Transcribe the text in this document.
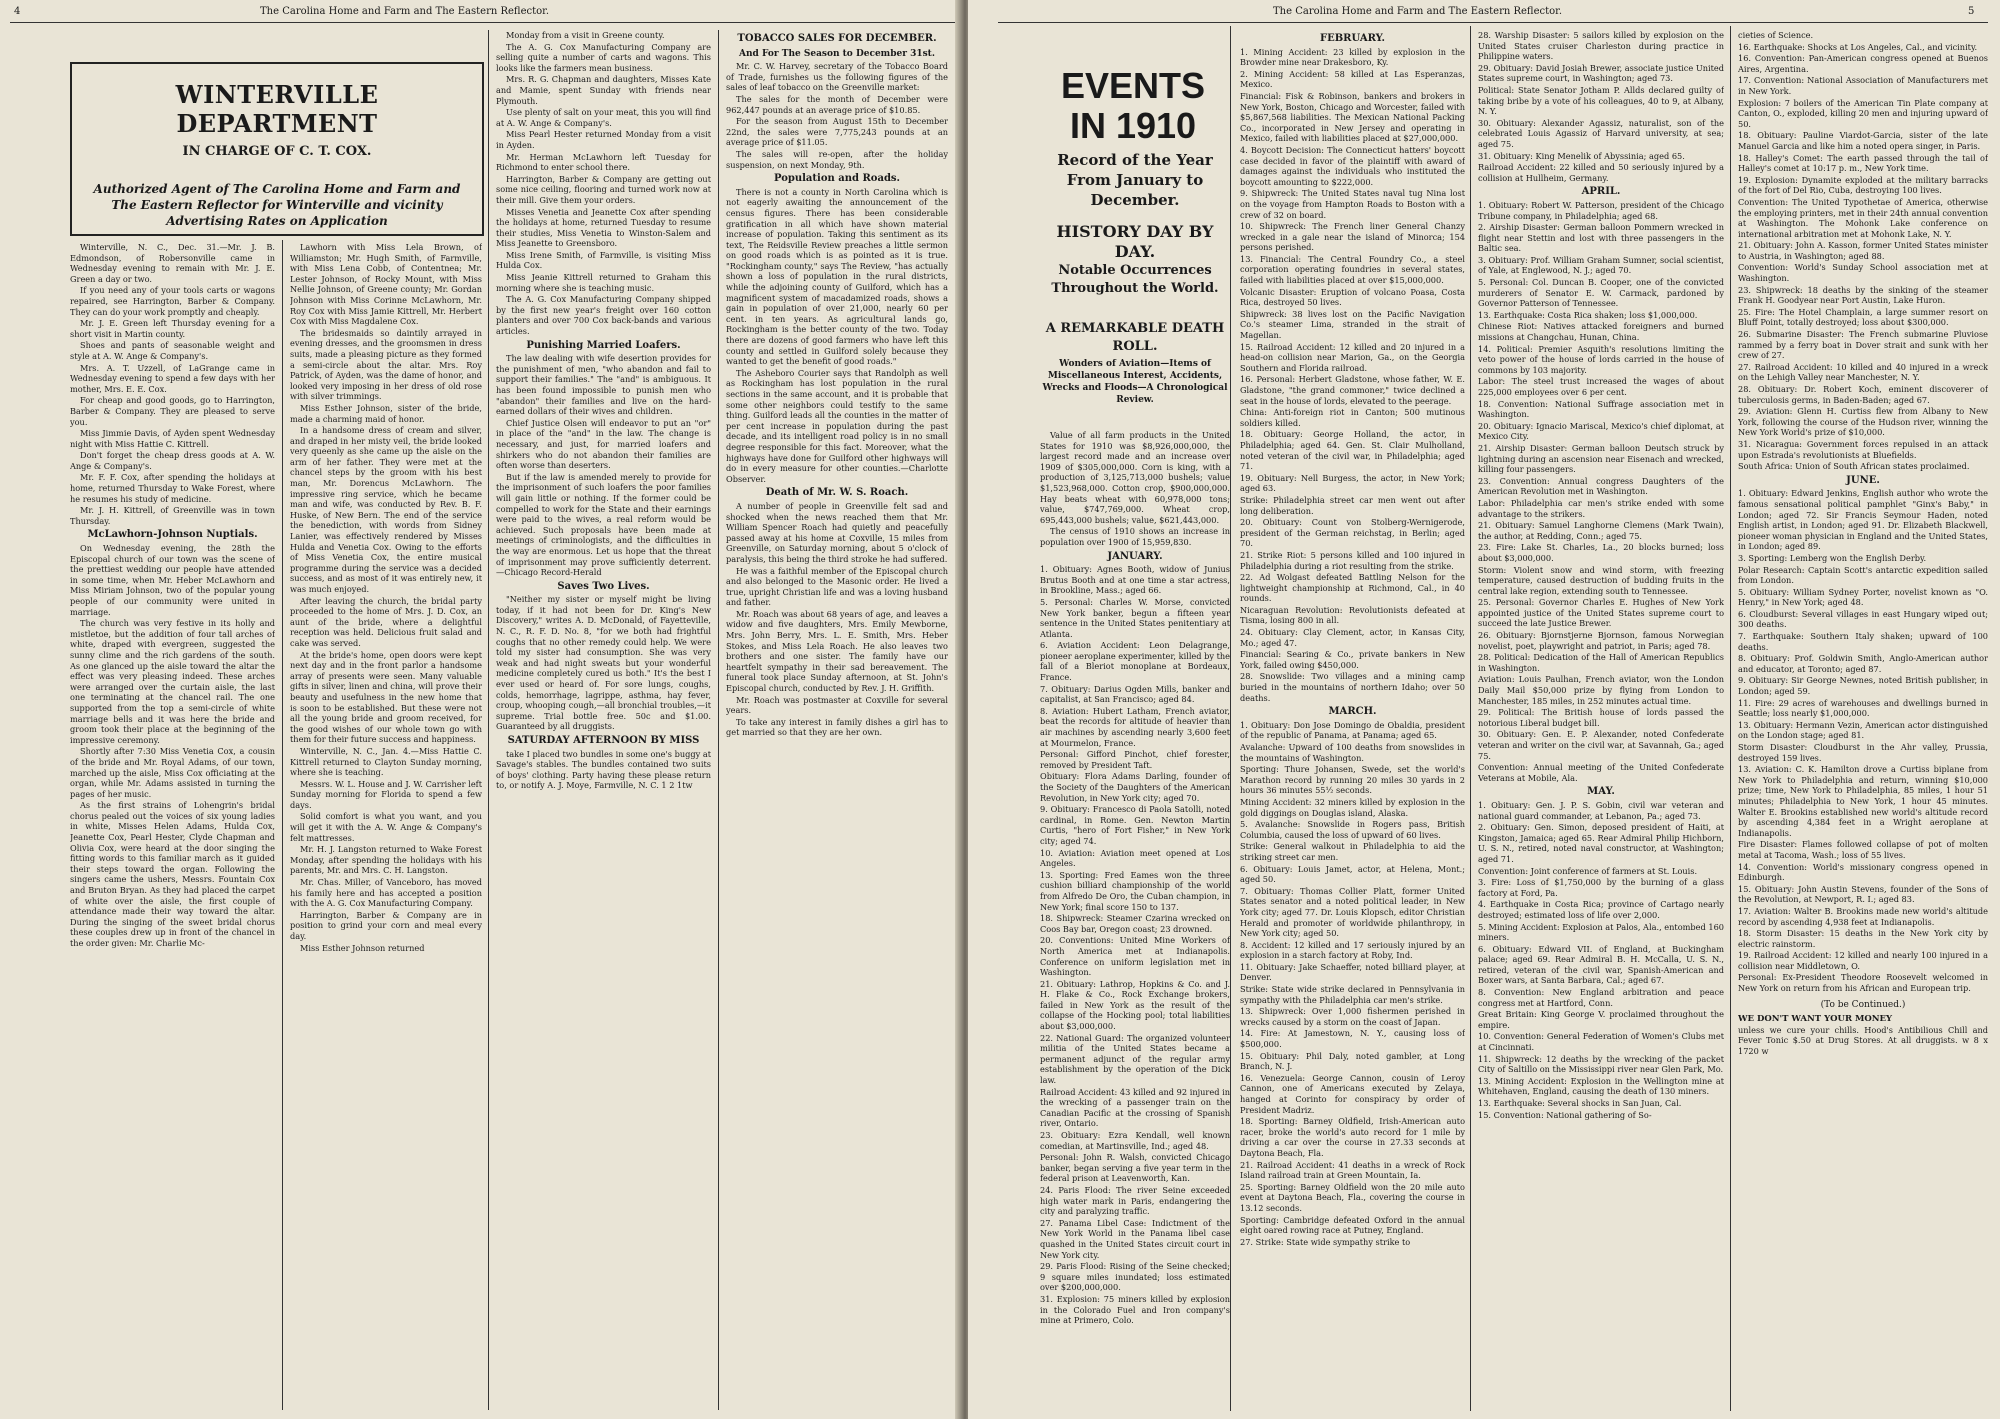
4	The Carolina Home and Farm and The Eastern Reflector.
WINTERVILLE DEPARTMENT
IN CHARGE OF C. T. COX.
Authorized Agent of The Carolina Home and Farm and The Eastern Reflector for Winterville and vicinity Advertising Rates on Application

Winterville, N. C., Dec. 31.—Mr. J. B. Edmondson, of Robersonville came in Wednesday evening to remain with Mr. J. E. Green a day or two.

If you need any of your tools carts or wagons repaired, see Harrington, Barber & Company. They can do your work promptly and cheaply.

Mr. J. E. Green left Thursday evening for a short visit in Martin county.

Shoes and pants of seasonable weight and style at A. W. Ange & Company's.

Mrs. A. T. Uzzell, of LaGrange came in Wednesday evening to spend a few days with her mother, Mrs. E. E. Cox.

For cheap and good goods, go to Harrington, Barber & Company. They are pleased to serve you.

Miss Jimmie Davis, of Ayden spent Wednesday night with Miss Hattie C. Kittrell.

Don't forget the cheap dress goods at A. W. Ange & Company's.

Mr. F. F. Cox, after spending the holidays at home, returned Thursday to Wake Forest, where he resumes his study of medicine.

Mr. J. H. Kittrell, of Greenville was in town Thursday.

McLawhorn-Johnson Nuptials.

On Wednesday evening, the 28th the Episcopal church of our town was the scene of the prettiest wedding our people have attended in some time, when Mr. Heber McLawhorn and Miss Miriam Johnson, two of the popular young people of our community were united in marriage.

The church was very festive in its holly and mistletoe, but the addition of four tall arches of white, draped with evergreen, suggested the sunny clime and the rich gardens of the south. As one glanced up the aisle toward the altar the effect was very pleasing indeed. These arches were arranged over the curtain aisle, the last one terminating at the chancel rail. The one supported from the top a semi-circle of white marriage bells and it was here the bride and groom took their place at the beginning of the impressive ceremony.

Shortly after 7:30 Miss Venetia Cox, a cousin of the bride and Mr. Royal Adams, of our town, marched up the aisle, Miss Cox officiating at the organ, while Mr. Adams assisted in turning the pages of her music.

As the first strains of Lohengrin's bridal chorus pealed out the voices of six young ladies in white, Misses Helen Adams, Hulda Cox, Jeanette Cox, Pearl Hester, Clyde Chapman and Olivia Cox, were heard at the door singing the fitting words to this familiar march as it guided their steps toward the organ. Following the singers came the ushers, Messrs. Fountain Cox and Bruton Bryan. As they had placed the carpet of white over the aisle, the first couple of attendance made their way toward the altar. During the singing of the sweet bridal chorus these couples drew up in front of the chancel in the order given: Mr. Charlie Mc-

Lawhorn with Miss Lela Brown, of Williamston; Mr. Hugh Smith, of Farmville, with Miss Lena Cobb, of Contentnea; Mr. Lester Johnson, of Rocky Mount, with Miss Nellie Johnson, of Greene county; Mr. Gordan Johnson with Miss Corinne McLawhorn, Mr. Roy Cox with Miss Jamie Kittrell, Mr. Herbert Cox with Miss Magdalene Cox.

The bridesmaids so daintily arrayed in evening dresses, and the groomsmen in dress suits, made a pleasing picture as they formed a semi-circle about the altar. Mrs. Roy Patrick, of Ayden, was the dame of honor, and looked very imposing in her dress of old rose with silver trimmings.

Miss Esther Johnson, sister of the bride, made a charming maid of honor.

In a handsome dress of cream and silver, and draped in her misty veil, the bride looked very queenly as she came up the aisle on the arm of her father. They were met at the chancel steps by the groom with his best man, Mr. Dorencus McLawhorn. The impressive ring service, which he became man and wife, was conducted by Rev. B. F. Huske, of New Bern. The end of the service the benediction, with words from Sidney Lanier, was effectively rendered by Misses Hulda and Venetia Cox. Owing to the efforts of Miss Venetia Cox, the entire musical programme during the service was a decided success, and as most of it was entirely new, it was much enjoyed.

After leaving the church, the bridal party proceeded to the home of Mrs. J. D. Cox, an aunt of the bride, where a delightful reception was held. Delicious fruit salad and cake was served.

At the bride's home, open doors were kept next day and in the front parlor a handsome array of presents were seen. Many valuable gifts in silver, linen and china, will prove their beauty and usefulness in the new home that is soon to be established. But these were not all the young bride and groom received, for the good wishes of our whole town go with them for their future success and happiness.

Winterville, N. C., Jan. 4.—Miss Hattie C. Kittrell returned to Clayton Sunday morning, where she is teaching.

Messrs. W. L. House and J. W. Carrisher left Sunday morning for Florida to spend a few days.

Solid comfort is what you want, and you will get it with the A. W. Ange & Company's felt mattresses.

Mr. H. J. Langston returned to Wake Forest Monday, after spending the holidays with his parents, Mr. and Mrs. C. H. Langston.

Mr. Chas. Miller, of Vanceboro, has moved his family here and has accepted a position with the A. G. Cox Manufacturing Company.

Harrington, Barber & Company are in position to grind your corn and meal every day.

Miss Esther Johnson returned

Monday from a visit in Greene county.

The A. G. Cox Manufacturing Company are selling quite a number of carts and wagons. This looks like the farmers mean business.

Mrs. R. G. Chapman and daughters, Misses Kate and Mamie, spent Sunday with friends near Plymouth.

Use plenty of salt on your meat, this you will find at A. W. Ange & Company's.

Miss Pearl Hester returned Monday from a visit in Ayden.

Mr. Herman McLawhorn left Tuesday for Richmond to enter school there.

Harrington, Barber & Company are getting out some nice ceiling, flooring and turned work now at their mill. Give them your orders.

Misses Venetia and Jeanette Cox after spending the holidays at home, returned Tuesday to resume their studies, Miss Venetia to Winston-Salem and Miss Jeanette to Greensboro.

Miss Irene Smith, of Farmville, is visiting Miss Hulda Cox.

Miss Jeanie Kittrell returned to Graham this morning where she is teaching music.

The A. G. Cox Manufacturing Company shipped by the first new year's freight over 160 cotton planters and over 700 Cox back-bands and various articles.

Punishing Married Loafers.

The law dealing with wife desertion provides for the punishment of men, "who abandon and fail to support their families." The "and" is ambiguous. It has been found impossible to punish men who "abandon" their families and live on the hard-earned dollars of their wives and children.

Chief Justice Olsen will endeavor to put an "or" in place of the "and" in the law. The change is necessary, and just, for married loafers and shirkers who do not abandon their families are often worse than deserters.

But if the law is amended merely to provide for the imprisonment of such loafers the poor families will gain little or nothing. If the former could be compelled to work for the State and their earnings were paid to the wives, a real reform would be achieved. Such proposals have been made at meetings of criminologists, and the difficulties in the way are enormous. Let us hope that the threat of imprisonment may prove sufficiently deterrent.—Chicago Record-Herald

Saves Two Lives.

"Neither my sister or myself might be living today, if it had not been for Dr. King's New Discovery," writes A. D. McDonald, of Fayetteville, N. C., R. F. D. No. 8, "for we both had frightful coughs that no other remedy could help. We were told my sister had consumption. She was very weak and had night sweats but your wonderful medicine completely cured us both." It's the best I ever used or heard of. For sore lungs, coughs, colds, hemorrhage, lagrippe, asthma, hay fever, croup, whooping cough,—all bronchial troubles,—it supreme. Trial bottle free. 50c and $1.00. Guaranteed by all druggists.

SATURDAY AFTERNOON BY MISS

take I placed two bundles in some one's buggy at Savage's stables. The bundles contained two suits of boys' clothing. Party having these please return to, or notify A. J. Moye, Farmville, N. C. 1 2 1tw

TOBACCO SALES FOR DECEMBER.
And For The Season to December 31st.

Mr. C. W. Harvey, secretary of the Tobacco Board of Trade, furnishes us the following figures of the sales of leaf tobacco on the Greenville market:

The sales for the month of December were 962,447 pounds at an average price of $10.85.

For the season from August 15th to December 22nd, the sales were 7,775,243 pounds at an average price of $11.05.

The sales will re-open, after the holiday suspension, on next Monday, 9th.

Population and Roads.

There is not a county in North Carolina which is not eagerly awaiting the announcement of the census figures. There has been considerable gratification in all which have shown material increase of population. Taking this sentiment as its text, The Reidsville Review preaches a little sermon on good roads which is as pointed as it is true. "Rockingham county," says The Review, "has actually shown a loss of population in the rural districts, while the adjoining county of Guilford, which has a magnificent system of macadamized roads, shows a gain in population of over 21,000, nearly 60 per cent. in ten years. As agricultural lands go, Rockingham is the better county of the two. Today there are dozens of good farmers who have left this county and settled in Guilford solely because they wanted to get the benefit of good roads."

The Asheboro Courier says that Randolph as well as Rockingham has lost population in the rural sections in the same account, and it is probable that some other neighbors could testify to the same thing. Guilford leads all the counties in the matter of per cent increase in population during the past decade, and its intelligent road policy is in no small degree responsible for this fact. Moreover, what the highways have done for Guilford other highways will do in every measure for other counties.—Charlotte Observer.

Death of Mr. W. S. Roach.

A number of people in Greenville felt sad and shocked when the news reached them that Mr. William Spencer Roach had quietly and peacefully passed away at his home at Coxville, 15 miles from Greenville, on Saturday morning, about 5 o'clock of paralysis, this being the third stroke he had suffered.

He was a faithful member of the Episcopal church and also belonged to the Masonic order. He lived a true, upright Christian life and was a loving husband and father.

Mr. Roach was about 68 years of age, and leaves a widow and five daughters, Mrs. Emily Mewborne, Mrs. John Berry, Mrs. L. E. Smith, Mrs. Heber Stokes, and Miss Lela Roach. He also leaves two brothers and one sister. The family have our heartfelt sympathy in their sad bereavement. The funeral took place Sunday afternoon, at St. John's Episcopal church, conducted by Rev. J. H. Griffith.

Mr. Roach was postmaster at Coxville for several years.

To take any interest in family dishes a girl has to get married so that they are her own.

The Carolina Home and Farm and The Eastern Reflector.	5
EVENTS IN 1910
Record of the Year From January to December.
HISTORY DAY BY DAY.
Notable Occurrences Throughout the World.
A REMARKABLE DEATH ROLL.
Wonders of Aviation—Items of Miscellaneous Interest, Accidents, Wrecks and Floods—A Chronological Review.

Value of all farm products in the United States for 1910 was $8,926,000,000, the largest record made and an increase over 1909 of $305,000,000. Corn is king, with a production of 3,125,713,000 bushels; value $1,523,968,000. Cotton crop, $900,000,000. Hay beats wheat with 60,978,000 tons; value, $747,769,000. Wheat crop, 695,443,000 bushels; value, $621,443,000.

The census of 1910 shows an increase in population over 1900 of 15,959,830.

JANUARY.

1. Obituary: Agnes Booth, widow of Junius Brutus Booth and at one time a star actress, in Brookline, Mass.; aged 66.

5. Personal: Charles W. Morse, convicted New York banker, begun a fifteen year sentence in the United States penitentiary at Atlanta.

6. Aviation Accident: Leon Delagrange, pioneer aeroplane experimenter, killed by the fall of a Bleriot monoplane at Bordeaux, France.

7. Obituary: Darius Ogden Mills, banker and capitalist, at San Francisco; aged 84.

8. Aviation: Hubert Latham, French aviator, beat the records for altitude of heavier than air machines by ascending nearly 3,600 feet at Mourmelon, France.

Personal: Gifford Pinchot, chief forester, removed by President Taft.

Obituary: Flora Adams Darling, founder of the Society of the Daughters of the American Revolution, in New York city; aged 70.

9. Obituary: Francesco di Paola Satolli, noted cardinal, in Rome. Gen. Newton Martin Curtis, "hero of Fort Fisher," in New York city; aged 74.

10. Aviation: Aviation meet opened at Los Angeles.

13. Sporting: Fred Eames won the three cushion billiard championship of the world from Alfredo De Oro, the Cuban champion, in New York; final score 150 to 137.

18. Shipwreck: Steamer Czarina wrecked on Coos Bay bar, Oregon coast; 23 drowned.

20. Conventions: United Mine Workers of North America met at Indianapolis. Conference on uniform legislation met in Washington.

21. Obituary: Lathrop, Hopkins & Co. and J. H. Flake & Co., Rock Exchange brokers, failed in New York as the result of the collapse of the Hocking pool; total liabilities about $3,000,000.

22. National Guard: The organized volunteer militia of the United States became a permanent adjunct of the regular army establishment by the operation of the Dick law.

Railroad Accident: 43 killed and 92 injured in the wrecking of a passenger train on the Canadian Pacific at the crossing of Spanish river, Ontario.

23. Obituary: Ezra Kendall, well known comedian, at Martinsville, Ind.; aged 48.

Personal: John R. Walsh, convicted Chicago banker, began serving a five year term in the federal prison at Leavenworth, Kan.

24. Paris Flood: The river Seine exceeded high water mark in Paris, endangering the city and paralyzing traffic.

27. Panama Libel Case: Indictment of the New York World in the Panama libel case quashed in the United States circuit court in New York city.

29. Paris Flood: Rising of the Seine checked; 9 square miles inundated; loss estimated over $200,000,000.

31. Explosion: 75 miners killed by explosion in the Colorado Fuel and Iron company's mine at Primero, Colo.

FEBRUARY.

1. Mining Accident: 23 killed by explosion in the Browder mine near Drakesboro, Ky.

2. Mining Accident: 58 killed at Las Esperanzas, Mexico.

Financial: Fisk & Robinson, bankers and brokers in New York, Boston, Chicago and Worcester, failed with $5,867,568 liabilities. The Mexican National Packing Co., incorporated in New Jersey and operating in Mexico, failed with liabilities placed at $27,000,000.

4. Boycott Decision: The Connecticut hatters' boycott case decided in favor of the plaintiff with award of damages against the individuals who instituted the boycott amounting to $222,000.

9. Shipwreck: The United States naval tug Nina lost on the voyage from Hampton Roads to Boston with a crew of 32 on board.

10. Shipwreck: The French liner General Chanzy wrecked in a gale near the island of Minorca; 154 persons perished.

13. Financial: The Central Foundry Co., a steel corporation operating foundries in several states, failed with liabilities placed at over $15,000,000.

Volcanic Disaster: Eruption of volcano Poasa, Costa Rica, destroyed 50 lives.

Shipwreck: 38 lives lost on the Pacific Navigation Co.'s steamer Lima, stranded in the strait of Magellan.

15. Railroad Accident: 12 killed and 20 injured in a head-on collision near Marion, Ga., on the Georgia Southern and Florida railroad.

16. Personal: Herbert Gladstone, whose father, W. E. Gladstone, "the grand commoner," twice declined a seat in the house of lords, elevated to the peerage.

China: Anti-foreign riot in Canton; 500 mutinous soldiers killed.

18. Obituary: George Holland, the actor, in Philadelphia; aged 64. Gen. St. Clair Mulholland, noted veteran of the civil war, in Philadelphia; aged 71.

19. Obituary: Nell Burgess, the actor, in New York; aged 63.

Strike: Philadelphia street car men went out after long deliberation.

20. Obituary: Count von Stolberg-Wernigerode, president of the German reichstag, in Berlin; aged 70.

21. Strike Riot: 5 persons killed and 100 injured in Philadelphia during a riot resulting from the strike.

22. Ad Wolgast defeated Battling Nelson for the lightweight championship at Richmond, Cal., in 40 rounds.

Nicaraguan Revolution: Revolutionists defeated at Tisma, losing 800 in all.

24. Obituary: Clay Clement, actor, in Kansas City, Mo.; aged 47.

Financial: Searing & Co., private bankers in New York, failed owing $450,000.

28. Snowslide: Two villages and a mining camp buried in the mountains of northern Idaho; over 50 deaths.

MARCH.

1. Obituary: Don Jose Domingo de Obaldia, president of the republic of Panama, at Panama; aged 65.

Avalanche: Upward of 100 deaths from snowslides in the mountains of Washington.

Sporting: Thure Johansen, Swede, set the world's Marathon record by running 20 miles 30 yards in 2 hours 36 minutes 55½ seconds.

Mining Accident: 32 miners killed by explosion in the gold diggings on Douglas island, Alaska.

5. Avalanche: Snowslide in Rogers pass, British Columbia, caused the loss of upward of 60 lives.

Strike: General walkout in Philadelphia to aid the striking street car men.

6. Obituary: Louis Jamet, actor, at Helena, Mont.; aged 50.

7. Obituary: Thomas Collier Platt, former United States senator and a noted political leader, in New York city; aged 77. Dr. Louis Klopsch, editor Christian Herald and promoter of worldwide philanthropy, in New York city; aged 50.

8. Accident: 12 killed and 17 seriously injured by an explosion in a starch factory at Roby, Ind.

11. Obituary: Jake Schaeffer, noted billiard player, at Denver.

Strike: State wide strike declared in Pennsylvania in sympathy with the Philadelphia car men's strike.

13. Shipwreck: Over 1,000 fishermen perished in wrecks caused by a storm on the coast of Japan.

14. Fire: At Jamestown, N. Y., causing loss of $500,000.

15. Obituary: Phil Daly, noted gambler, at Long Branch, N. J.

16. Venezuela: George Cannon, cousin of Leroy Cannon, one of Americans executed by Zelaya, hanged at Corinto for conspiracy by order of President Madriz.

18. Sporting: Barney Oldfield, Irish-American auto racer, broke the world's auto record for 1 mile by driving a car over the course in 27.33 seconds at Daytona Beach, Fla.

21. Railroad Accident: 41 deaths in a wreck of Rock Island railroad train at Green Mountain, Ia.

25. Sporting: Barney Oldfield won the 20 mile auto event at Daytona Beach, Fla., covering the course in 13.12 seconds.

Sporting: Cambridge defeated Oxford in the annual eight oared rowing race at Putney, England.

27. Strike: State wide sympathy strike to

28. Warship Disaster: 5 sailors killed by explosion on the United States cruiser Charleston during practice in Philippine waters.

29. Obituary: David Josiah Brewer, associate justice United States supreme court, in Washington; aged 73.

Political: State Senator Jotham P. Allds declared guilty of taking bribe by a vote of his colleagues, 40 to 9, at Albany, N. Y.

30. Obituary: Alexander Agassiz, naturalist, son of the celebrated Louis Agassiz of Harvard university, at sea; aged 75.

31. Obituary: King Menelik of Abyssinia; aged 65.

Railroad Accident: 22 killed and 50 seriously injured by a collision at Hullheim, Germany.

APRIL.

1. Obituary: Robert W. Patterson, president of the Chicago Tribune company, in Philadelphia; aged 68.

2. Airship Disaster: German balloon Pommern wrecked in flight near Stettin and lost with three passengers in the Baltic sea.

3. Obituary: Prof. William Graham Sumner, social scientist, of Yale, at Englewood, N. J.; aged 70.

5. Personal: Col. Duncan B. Cooper, one of the convicted murderers of Senator E. W. Carmack, pardoned by Governor Patterson of Tennessee.

13. Earthquake: Costa Rica shaken; loss $1,000,000.

Chinese Riot: Natives attacked foreigners and burned missions at Changchau, Hunan, China.

14. Political: Premier Asquith's resolutions limiting the veto power of the house of lords carried in the house of commons by 103 majority.

Labor: The steel trust increased the wages of about 225,000 employees over 6 per cent.

18. Convention: National Suffrage association met in Washington.

20. Obituary: Ignacio Mariscal, Mexico's chief diplomat, at Mexico City.

21. Airship Disaster: German balloon Deutsch struck by lightning during an ascension near Eisenach and wrecked, killing four passengers.

23. Convention: Annual congress Daughters of the American Revolution met in Washington.

Labor: Philadelphia car men's strike ended with some advantage to the strikers.

21. Obituary: Samuel Langhorne Clemens (Mark Twain), the author, at Redding, Conn.; aged 75.

23. Fire: Lake St. Charles, La., 20 blocks burned; loss about $3,000,000.

Storm: Violent snow and wind storm, with freezing temperature, caused destruction of budding fruits in the central lake region, extending south to Tennessee.

25. Personal: Governor Charles E. Hughes of New York appointed justice of the United States supreme court to succeed the late Justice Brewer.

26. Obituary: Bjornstjerne Bjornson, famous Norwegian novelist, poet, playwright and patriot, in Paris; aged 78.

28. Political: Dedication of the Hall of American Republics in Washington.

Aviation: Louis Paulhan, French aviator, won the London Daily Mail $50,000 prize by flying from London to Manchester, 185 miles, in 252 minutes actual time.

29. Political: The British house of lords passed the notorious Liberal budget bill.

30. Obituary: Gen. E. P. Alexander, noted Confederate veteran and writer on the civil war, at Savannah, Ga.; aged 75.

Convention: Annual meeting of the United Confederate Veterans at Mobile, Ala.

MAY.

1. Obituary: Gen. J. P. S. Gobin, civil war veteran and national guard commander, at Lebanon, Pa.; aged 73.

2. Obituary: Gen. Simon, deposed president of Haiti, at Kingston, Jamaica; aged 65. Rear Admiral Philip Hichborn, U. S. N., retired, noted naval constructor, at Washington; aged 71.

Convention: Joint conference of farmers at St. Louis.

3. Fire: Loss of $1,750,000 by the burning of a glass factory at Ford, Pa.

4. Earthquake in Costa Rica; province of Cartago nearly destroyed; estimated loss of life over 2,000.

5. Mining Accident: Explosion at Palos, Ala., entombed 160 miners.

6. Obituary: Edward VII. of England, at Buckingham palace; aged 69. Rear Admiral B. H. McCalla, U. S. N., retired, veteran of the civil war, Spanish-American and Boxer wars, at Santa Barbara, Cal.; aged 67.

8. Convention: New England arbitration and peace congress met at Hartford, Conn.

Great Britain: King George V. proclaimed throughout the empire.

10. Convention: General Federation of Women's Clubs met at Cincinnati.

11. Shipwreck: 12 deaths by the wrecking of the packet City of Saltillo on the Mississippi river near Glen Park, Mo.

13. Mining Accident: Explosion in the Wellington mine at Whitehaven, England, causing the death of 130 miners.

13. Earthquake: Several shocks in San Juan, Cal.

15. Convention: National gathering of So-

cieties of Science.

16. Earthquake: Shocks at Los Angeles, Cal., and vicinity.

16. Convention: Pan-American congress opened at Buenos Aires, Argentina.

17. Convention: National Association of Manufacturers met in New York.

Explosion: 7 boilers of the American Tin Plate company at Canton, O., exploded, killing 20 men and injuring upward of 50.

18. Obituary: Pauline Viardot-Garcia, sister of the late Manuel Garcia and like him a noted opera singer, in Paris.

18. Halley's Comet: The earth passed through the tail of Halley's comet at 10:17 p. m., New York time.

19. Explosion: Dynamite exploded at the military barracks of the fort of Del Rio, Cuba, destroying 100 lives.

Convention: The United Typothetae of America, otherwise the employing printers, met in their 24th annual convention at Washington. The Mohonk Lake conference on international arbitration met at Mohonk Lake, N. Y.

21. Obituary: John A. Kasson, former United States minister to Austria, in Washington; aged 88.

Convention: World's Sunday School association met at Washington.

23. Shipwreck: 18 deaths by the sinking of the steamer Frank H. Goodyear near Port Austin, Lake Huron.

25. Fire: The Hotel Champlain, a large summer resort on Bluff Point, totally destroyed; loss about $300,000.

26. Submarine Disaster: The French submarine Pluviose rammed by a ferry boat in Dover strait and sunk with her crew of 27.

27. Railroad Accident: 10 killed and 40 injured in a wreck on the Lehigh Valley near Manchester, N. Y.

28. Obituary: Dr. Robert Koch, eminent discoverer of tuberculosis germs, in Baden-Baden; aged 67.

29. Aviation: Glenn H. Curtiss flew from Albany to New York, following the course of the Hudson river, winning the New York World's prize of $10,000.

31. Nicaragua: Government forces repulsed in an attack upon Estrada's revolutionists at Bluefields.

South Africa: Union of South African states proclaimed.

JUNE.

1. Obituary: Edward Jenkins, English author who wrote the famous sensational political pamphlet "Ginx's Baby," in London; aged 72. Sir Francis Seymour Haden, noted English artist, in London; aged 91. Dr. Elizabeth Blackwell, pioneer woman physician in England and the United States, in London; aged 89.

3. Sporting: Lemberg won the English Derby.

Polar Research: Captain Scott's antarctic expedition sailed from London.

5. Obituary: William Sydney Porter, novelist known as "O. Henry," in New York; aged 48.

6. Cloudburst: Several villages in east Hungary wiped out; 300 deaths.

7. Earthquake: Southern Italy shaken; upward of 100 deaths.

8. Obituary: Prof. Goldwin Smith, Anglo-American author and educator, at Toronto; aged 87.

9. Obituary: Sir George Newnes, noted British publisher, in London; aged 59.

11. Fire: 29 acres of warehouses and dwellings burned in Seattle; loss nearly $1,000,000.

13. Obituary: Hermann Vezin, American actor distinguished on the London stage; aged 81.

Storm Disaster: Cloudburst in the Ahr valley, Prussia, destroyed 159 lives.

13. Aviation: C. K. Hamilton drove a Curtiss biplane from New York to Philadelphia and return, winning $10,000 prize; time, New York to Philadelphia, 85 miles, 1 hour 51 minutes; Philadelphia to New York, 1 hour 45 minutes. Walter E. Brookins established new world's altitude record by ascending 4,384 feet in a Wright aeroplane at Indianapolis.

Fire Disaster: Flames followed collapse of pot of molten metal at Tacoma, Wash.; loss of 55 lives.

14. Convention: World's missionary congress opened in Edinburgh.

15. Obituary: John Austin Stevens, founder of the Sons of the Revolution, at Newport, R. I.; aged 83.

17. Aviation: Walter B. Brookins made new world's altitude record by ascending 4,938 feet at Indianapolis.

18. Storm Disaster: 15 deaths in the New York city by electric rainstorm.

19. Railroad Accident: 12 killed and nearly 100 injured in a collision near Middletown, O.

Personal: Ex-President Theodore Roosevelt welcomed in New York on return from his African and European trip.

(To be Continued.)
WE DON'T WANT YOUR MONEY
unless we cure your chills. Hood's Antibilious Chill and Fever Tonic $.50 at Drug Stores. At all druggists. w 8 x 1720 w
